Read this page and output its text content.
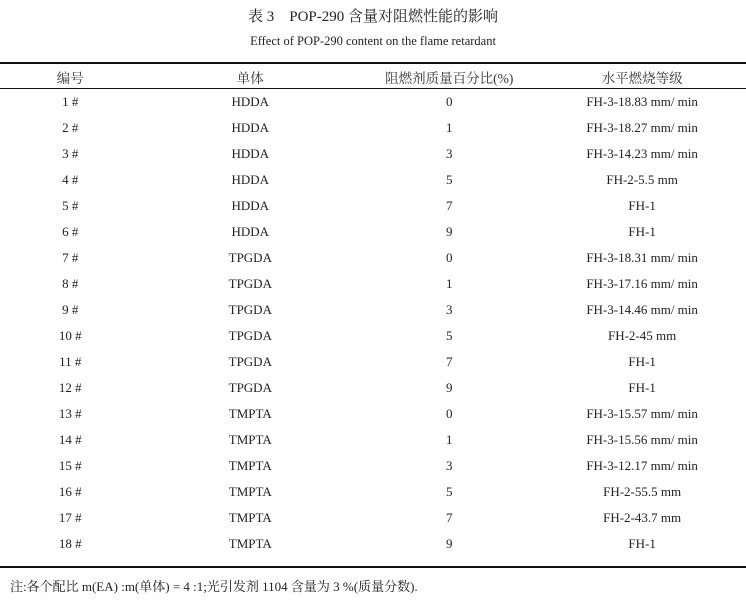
表 3　POP-290 含量对阻燃性能的影响
Effect of POP-290 content on the flame retardant
编号	单体	阻燃剂质量百分比(%)	水平燃烧等级
1 #	HDDA	0	FH-3-18.83 mm/ min
2 #	HDDA	1	FH-3-18.27 mm/ min
3 #	HDDA	3	FH-3-14.23 mm/ min
4 #	HDDA	5	FH-2-5.5 mm
5 #	HDDA	7	FH-1
6 #	HDDA	9	FH-1
7 #	TPGDA	0	FH-3-18.31 mm/ min
8 #	TPGDA	1	FH-3-17.16 mm/ min
9 #	TPGDA	3	FH-3-14.46 mm/ min
10 #	TPGDA	5	FH-2-45 mm
11 #	TPGDA	7	FH-1
12 #	TPGDA	9	FH-1
13 #	TMPTA	0	FH-3-15.57 mm/ min
14 #	TMPTA	1	FH-3-15.56 mm/ min
15 #	TMPTA	3	FH-3-12.17 mm/ min
16 #	TMPTA	5	FH-2-55.5 mm
17 #	TMPTA	7	FH-2-43.7 mm
18 #	TMPTA	9	FH-1
注:各个配比 m(EA) :m(单体) = 4 :1;光引发剂 1104 含量为 3 %(质量分数).
